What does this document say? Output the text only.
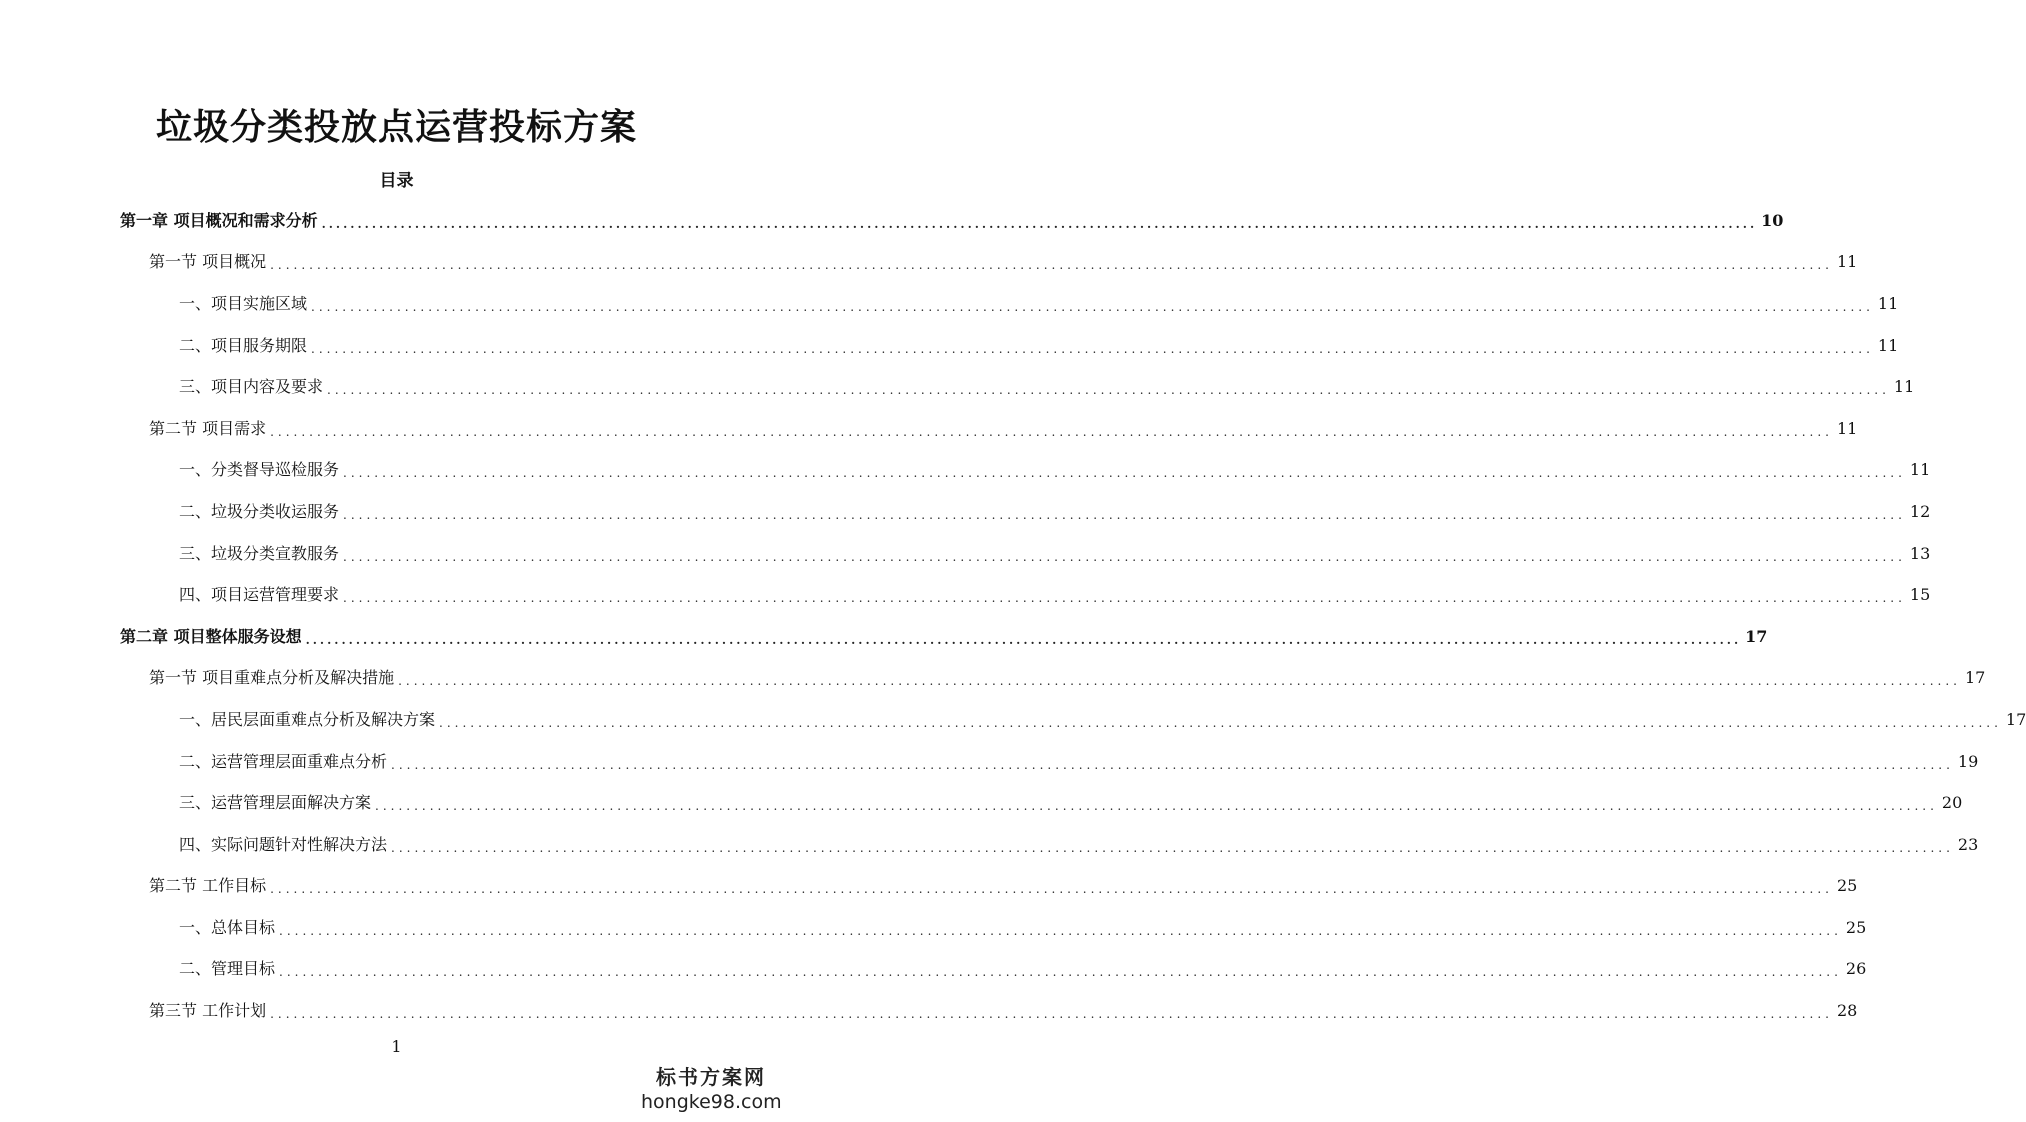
垃圾分类投放点运营投标方案
目录
第一章 项目概况和需求分析 ........................................................................................................................................................................................................ 10
第一节 项目概况 ........................................................................................................................................................................................................ 11
一、项目实施区域 ........................................................................................................................................................................................................ 11
二、项目服务期限 ........................................................................................................................................................................................................ 11
三、项目内容及要求 ........................................................................................................................................................................................................ 11
第二节 项目需求 ........................................................................................................................................................................................................ 11
一、分类督导巡检服务 ........................................................................................................................................................................................................ 11
二、垃圾分类收运服务 ........................................................................................................................................................................................................ 12
三、垃圾分类宣教服务 ........................................................................................................................................................................................................ 13
四、项目运营管理要求 ........................................................................................................................................................................................................ 15
第二章 项目整体服务设想 ........................................................................................................................................................................................................ 17
第一节 项目重难点分析及解决措施 ........................................................................................................................................................................................................ 17
一、居民层面重难点分析及解决方案 ........................................................................................................................................................................................................ 17
二、运营管理层面重难点分析 ........................................................................................................................................................................................................ 19
三、运营管理层面解决方案 ........................................................................................................................................................................................................ 20
四、实际问题针对性解决方法 ........................................................................................................................................................................................................ 23
第二节 工作目标 ........................................................................................................................................................................................................ 25
一、总体目标 ........................................................................................................................................................................................................ 25
二、管理目标 ........................................................................................................................................................................................................ 26
第三节 工作计划 ........................................................................................................................................................................................................ 28
1
标书方案网
hongke98.com
